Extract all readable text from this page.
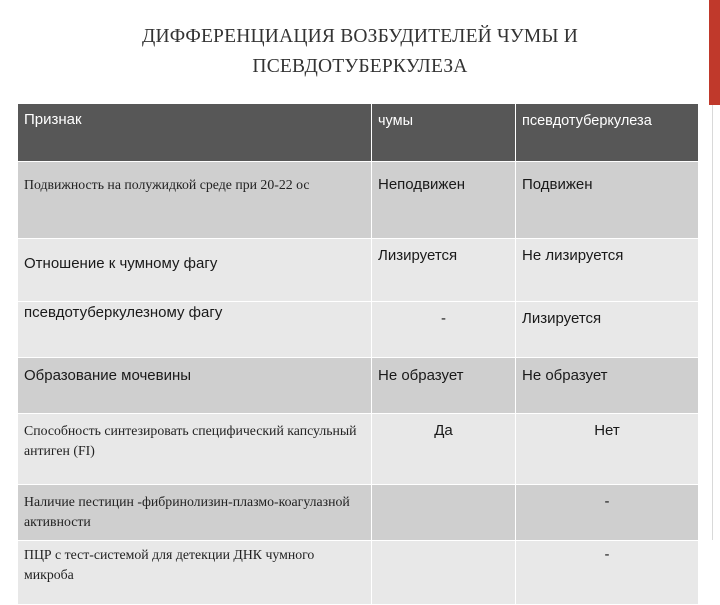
ДИФФЕРЕНЦИАЦИЯ ВОЗБУДИТЕЛЕЙ ЧУМЫ И
ПСЕВДОТУБЕРКУЛЕЗА
Признак	чумы	псевдотуберкулеза
Подвижность на полужидкой среде при 20-22 ос	Неподвижен	Подвижен
Отношение к чумному фагу	Лизируется	Не лизируется
псевдотуберкулезному фагу	-	Лизируется
Образование мочевины	Не образует	Не образует
Способность синтезировать специфический капсульный антиген (FI)	Да	Нет
Наличие пестицин -фибринолизин-плазмо-коагулазной активности		-
ПЦР с тест-системой для детекции ДНК чумного микроба		-
